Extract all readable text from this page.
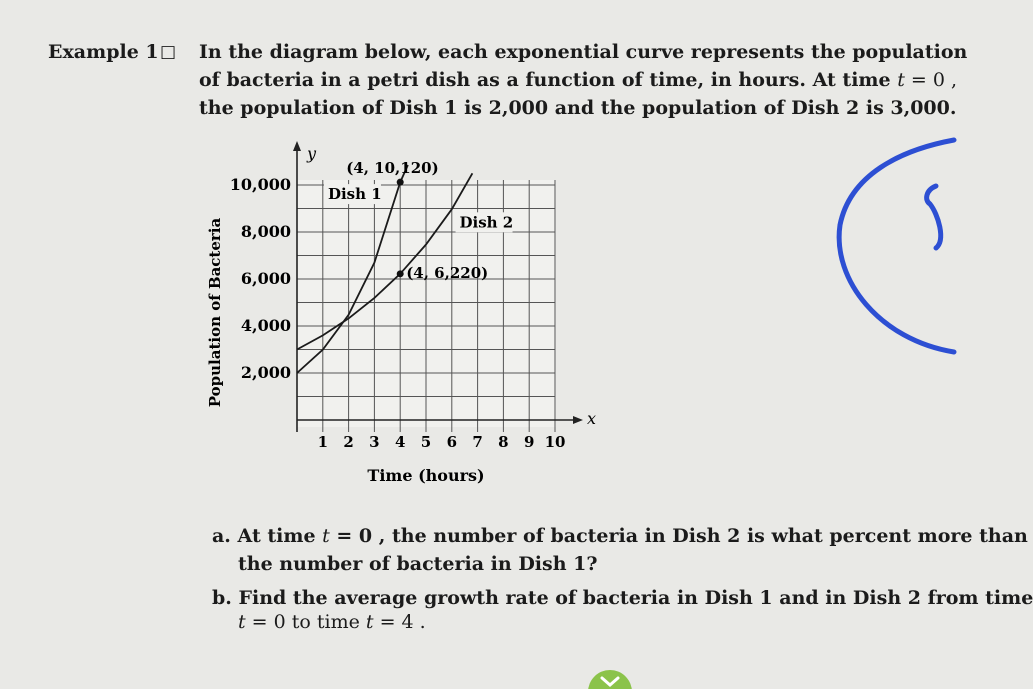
Example 1 □ In the diagram below, each exponential curve represents the population
of bacteria in a petri dish as a function of time, in hours. At time t = 0 ,
the population of Dish 1 is 2,000 and the population of Dish 2 is 3,000.
y
x
1 2 3 4 5 6 7 8 9 10
2,000
4,000
6,000
8,000
10,000
Time (hours)
Population of Bacteria
Dish 1
Dish 2
(4, 10,120)
(4, 6,220)
a. At time t = 0 , the number of bacteria in Dish 2 is what percent more than
the number of bacteria in Dish 1?
b. Find the average growth rate of bacteria in Dish 1 and in Dish 2 from time
t = 0 to time t = 4 .
